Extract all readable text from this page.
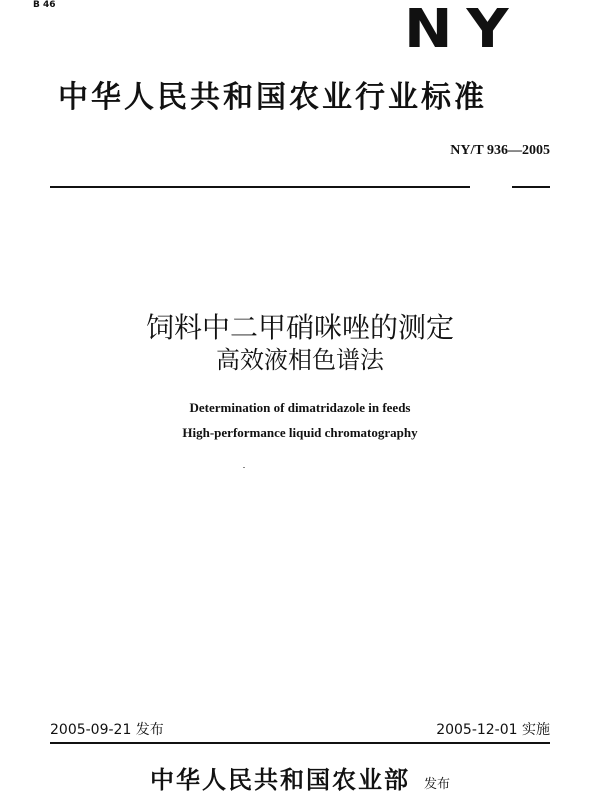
B 46	NY
中华人民共和国农业行业标准
NY/T 936—2005
饲料中二甲硝咪唑的测定
高效液相色谱法
Determination of dimatridazole in feeds
High-performance liquid chromatography
2005-09-21 发布	2005-12-01 实施
中华人民共和国农业部 发布
